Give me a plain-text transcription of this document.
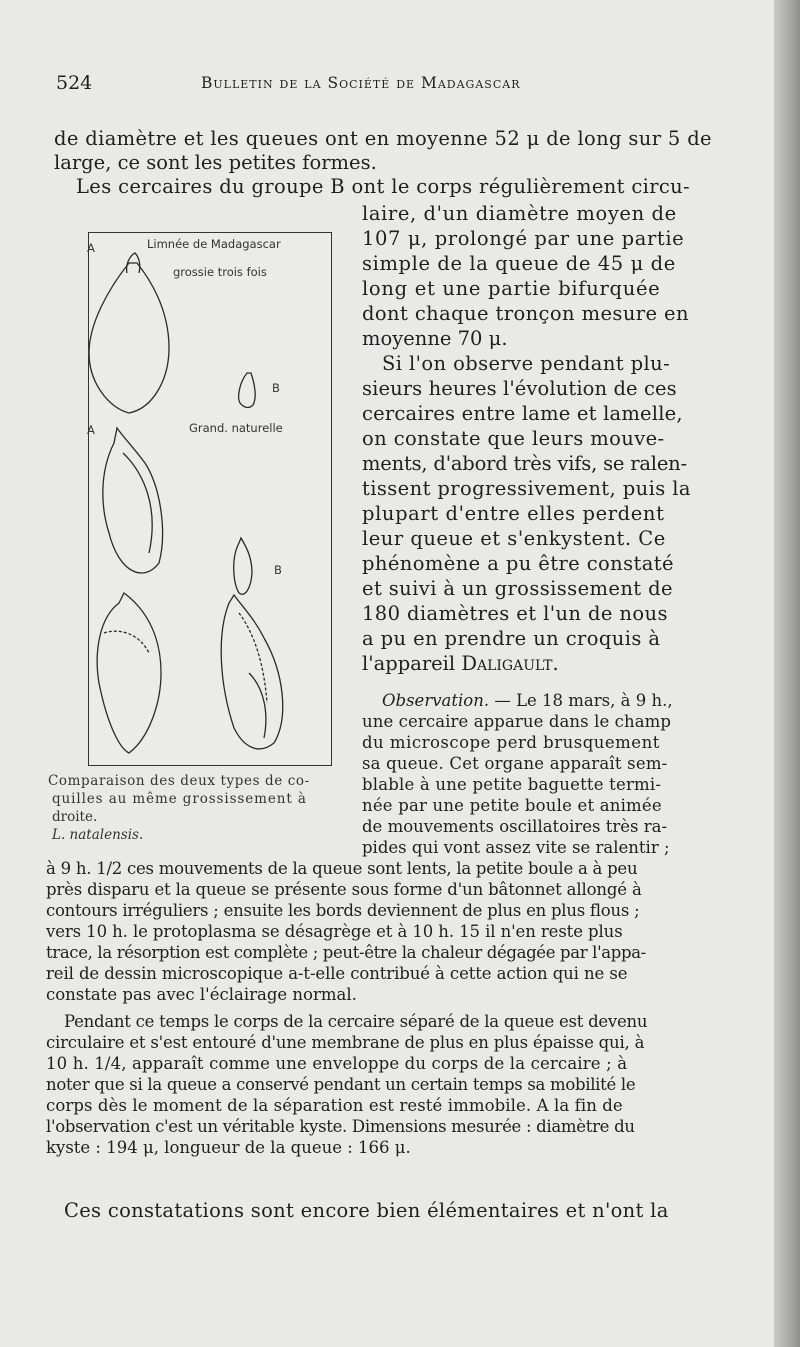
524	Bulletin de la Société de Madagascar
de diamètre et les queues ont en moyenne 52 μ de long sur 5 de
large, ce sont les petites formes.
Les cercaires du groupe B ont le corps régulièrement circu-
laire, d'un diamètre moyen de
107 μ, prolongé par une partie
simple de la queue de 45 μ de
long et une partie bifurquée
dont chaque tronçon mesure en
moyenne 70 μ.
Si l'on observe pendant plu-
sieurs heures l'évolution de ces
cercaires entre lame et lamelle,
on constate que leurs mouve-
ments, d'abord très vifs, se ralen-
tissent progressivement, puis la
plupart d'entre elles perdent
leur queue et s'enkystent. Ce
phénomène a pu être constaté
et suivi à un grossissement de
180 diamètres et l'un de nous
a pu en prendre un croquis à
l'appareil Daligault.
A	Limnée de Madagascar
grossie trois fois
B
Grand. naturelle
A
B
Comparaison des deux types de co-
quilles au même grossissement à
droite.
L. natalensis.
Observation. — Le 18 mars, à 9 h.,
une cercaire apparue dans le champ
du microscope perd brusquement
sa queue. Cet organe apparaît sem-
blable à une petite baguette termi-
née par une petite boule et animée
de mouvements oscillatoires très ra-
pides qui vont assez vite se ralentir ;
à 9 h. 1/2 ces mouvements de la queue sont lents, la petite boule a à peu
près disparu et la queue se présente sous forme d'un bâtonnet allongé à
contours irréguliers ; ensuite les bords deviennent de plus en plus flous ;
vers 10 h. le protoplasma se désagrège et à 10 h. 15 il n'en reste plus
trace, la résorption est complète ; peut-être la chaleur dégagée par l'appa-
reil de dessin microscopique a-t-elle contribué à cette action qui ne se
constate pas avec l'éclairage normal.
Pendant ce temps le corps de la cercaire séparé de la queue est devenu
circulaire et s'est entouré d'une membrane de plus en plus épaisse qui, à
10 h. 1/4, apparaît comme une enveloppe du corps de la cercaire ; à
noter que si la queue a conservé pendant un certain temps sa mobilité le
corps dès le moment de la séparation est resté immobile. A la fin de
l'observation c'est un véritable kyste. Dimensions mesurée : diamètre du
kyste : 194 μ, longueur de la queue : 166 μ.
Ces constatations sont encore bien élémentaires et n'ont la
